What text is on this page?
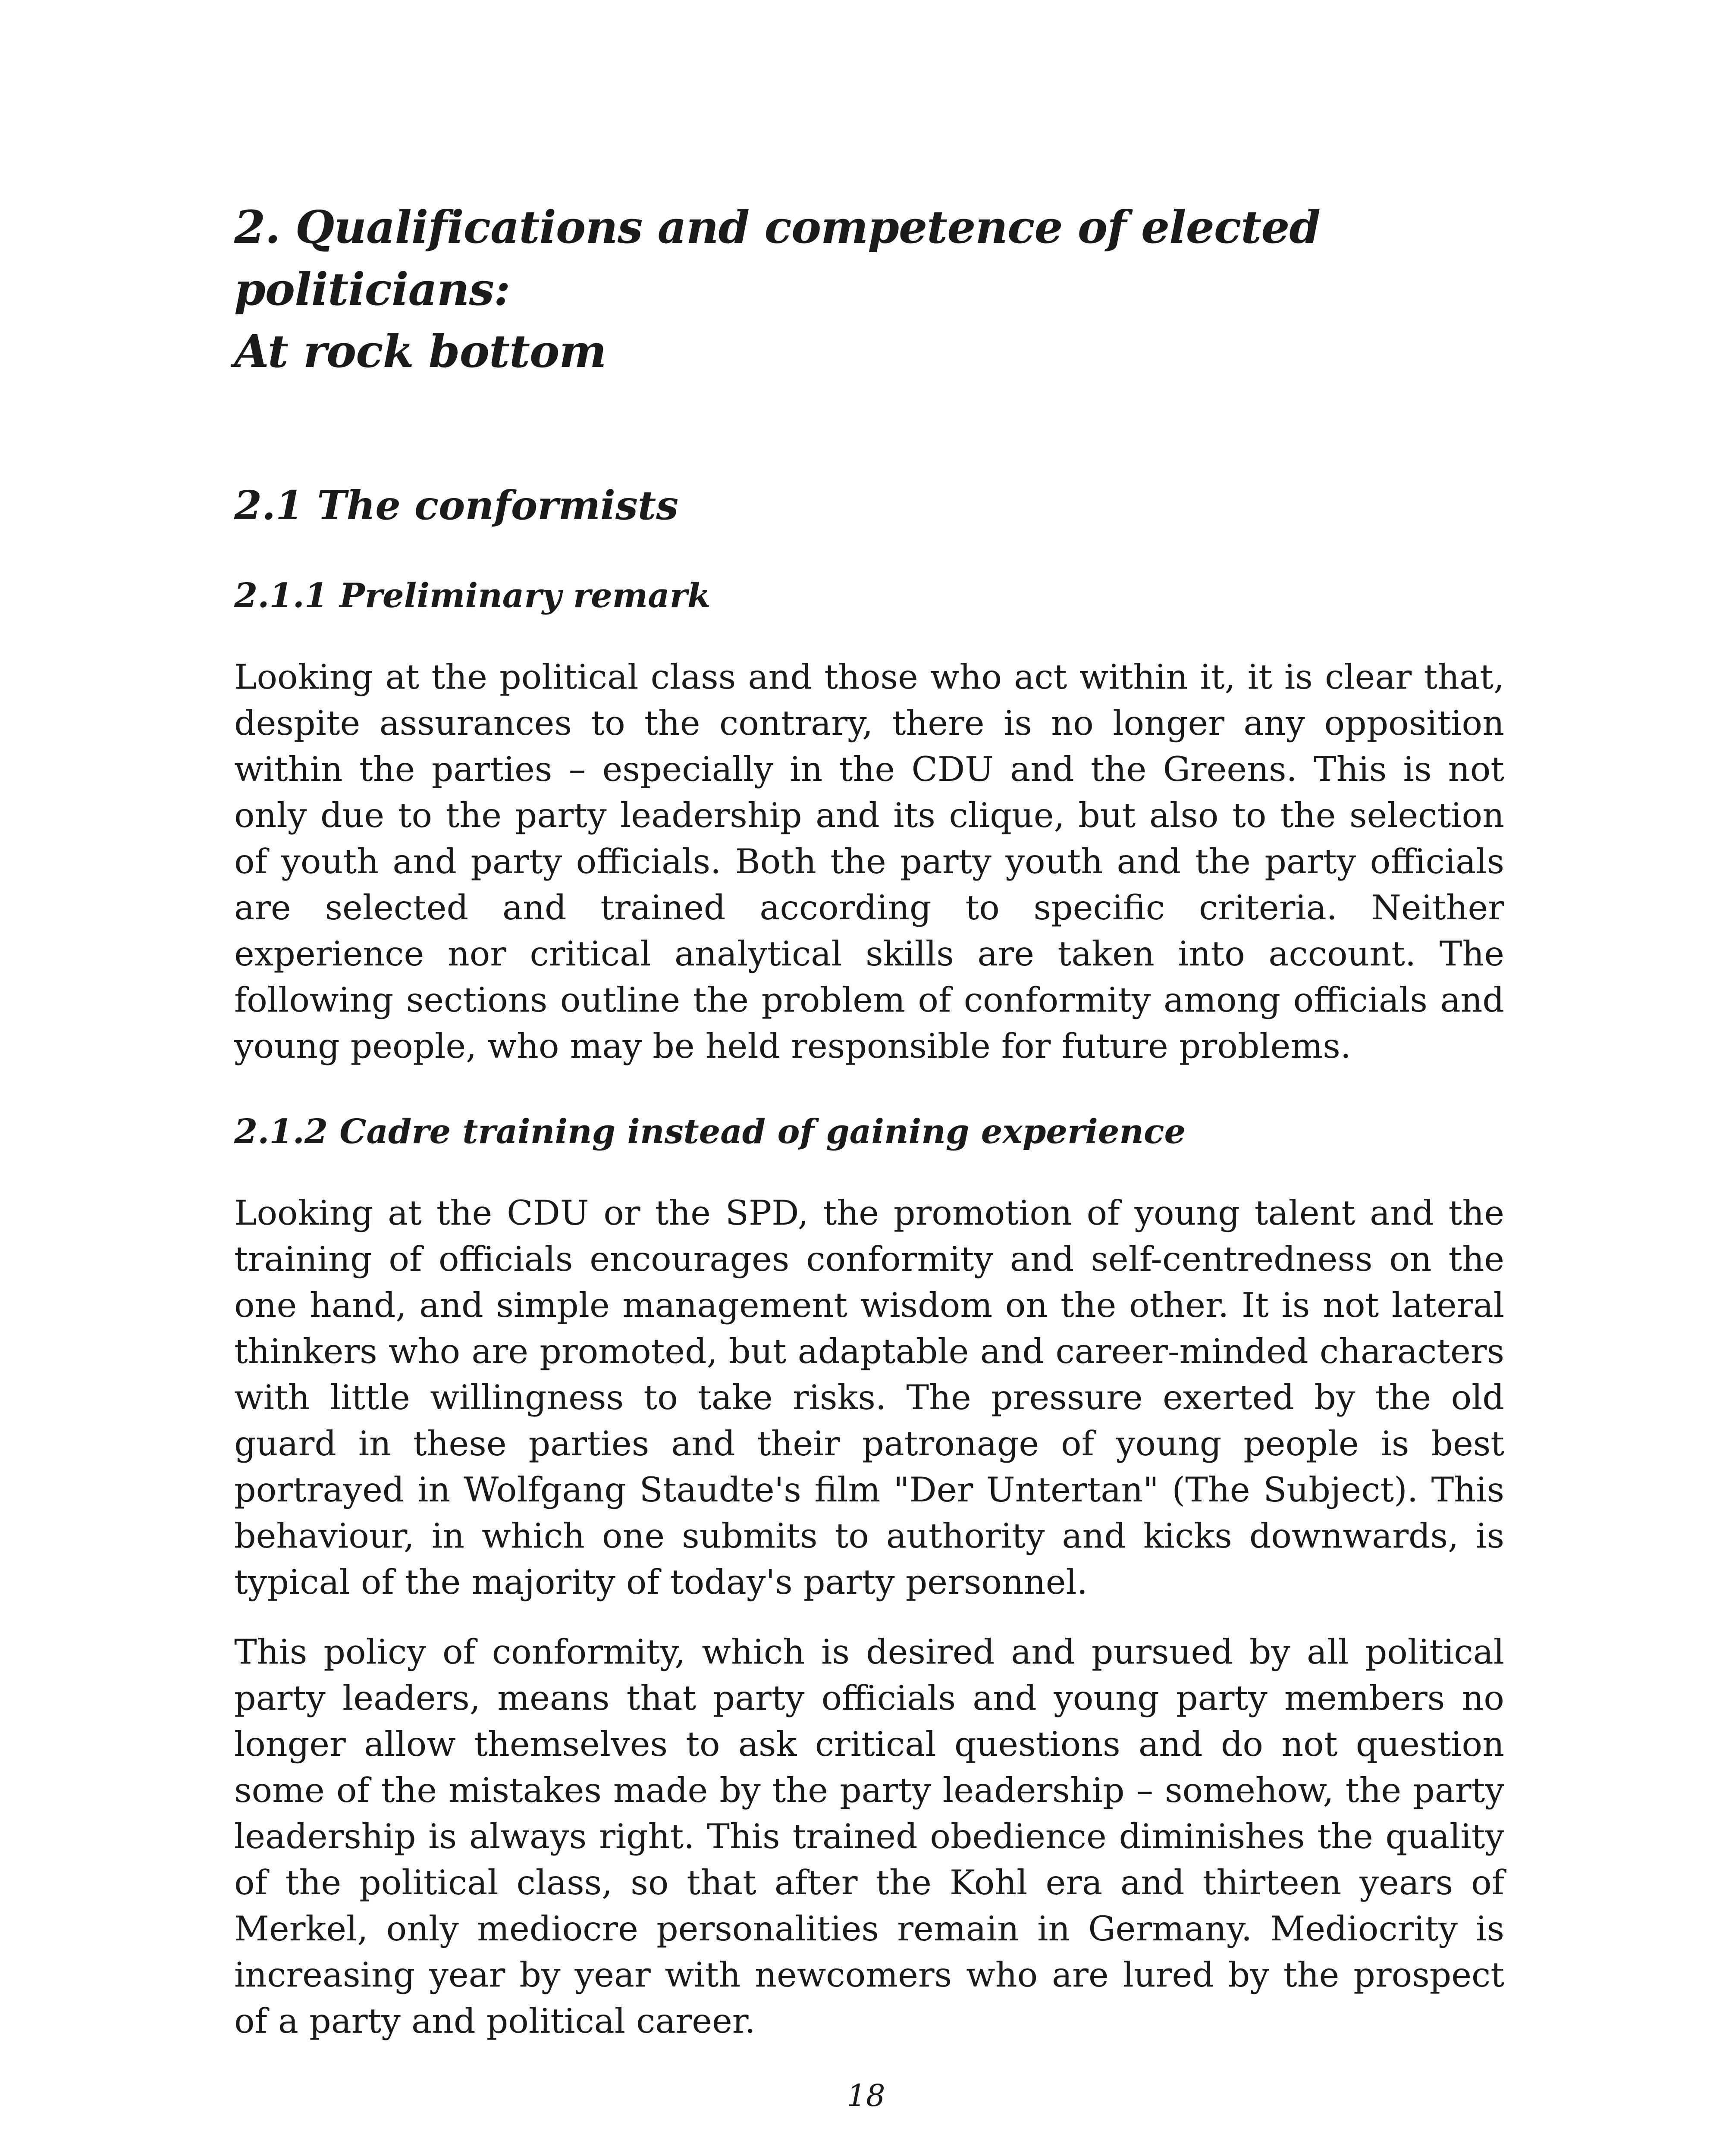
2. Qualifications and competence of elected politicians:
At rock bottom
2.1 The conformists
2.1.1 Preliminary remark

Looking at the political class and those who act within it, it is clear that, despite assurances to the contrary, there is no longer any opposition within the parties – especially in the CDU and the Greens. This is not only due to the party leadership and its clique, but also to the selection of youth and party officials. Both the party youth and the party officials are selected and trained according to specific criteria. Neither experience nor critical analytical skills are taken into account. The following sections outline the problem of conformity among officials and young people, who may be held responsible for future problems.

2.1.2 Cadre training instead of gaining experience

Looking at the CDU or the SPD, the promotion of young talent and the training of officials encourages conformity and self-centredness on the one hand, and simple management wisdom on the other. It is not lateral thinkers who are promoted, but adaptable and career-minded characters with little willingness to take risks. The pressure exerted by the old guard in these parties and their patronage of young people is best portrayed in Wolfgang Staudte's film "Der Untertan" (The Subject). This behaviour, in which one submits to authority and kicks downwards, is typical of the majority of today's party personnel.

This policy of conformity, which is desired and pursued by all political party leaders, means that party officials and young party members no longer allow themselves to ask critical questions and do not question some of the mistakes made by the party leadership – somehow, the party leadership is always right. This trained obedience diminishes the quality of the political class, so that after the Kohl era and thirteen years of Merkel, only mediocre personalities remain in Germany. Mediocrity is increasing year by year with newcomers who are lured by the prospect of a party and political career.

18
